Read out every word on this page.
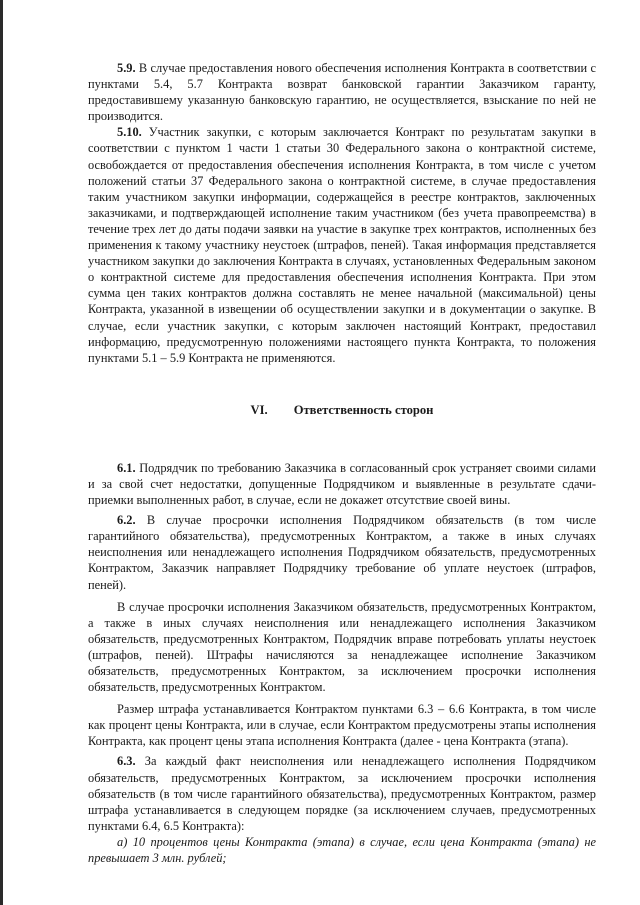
5.9. В случае предоставления нового обеспечения исполнения Контракта в соответствии с пунктами 5.4, 5.7 Контракта возврат банковской гарантии Заказчиком гаранту, предоставившему указанную банковскую гарантию, не осуществляется, взыскание по ней не производится.

5.10. Участник закупки, с которым заключается Контракт по результатам закупки в соответствии с пунктом 1 части 1 статьи 30 Федерального закона о контрактной системе, освобождается от предоставления обеспечения исполнения Контракта, в том числе с учетом положений статьи 37 Федерального закона о контрактной системе, в случае предоставления таким участником закупки информации, содержащейся в реестре контрактов, заключенных заказчиками, и подтверждающей исполнение таким участником (без учета правопреемства) в течение трех лет до даты подачи заявки на участие в закупке трех контрактов, исполненных без применения к такому участнику неустоек (штрафов, пеней). Такая информация представляется участником закупки до заключения Контракта в случаях, установленных Федеральным законом о контрактной системе для предоставления обеспечения исполнения Контракта. При этом сумма цен таких контрактов должна составлять не менее начальной (максимальной) цены Контракта, указанной в извещении об осуществлении закупки и в документации о закупке. В случае, если участник закупки, с которым заключен настоящий Контракт, предоставил информацию, предусмотренную положениями настоящего пункта Контракта, то положения пунктами 5.1 – 5.9 Контракта не применяются.

VI. Ответственность сторон

6.1. Подрядчик по требованию Заказчика в согласованный срок устраняет своими силами и за свой счет недостатки, допущенные Подрядчиком и выявленные в результате сдачи-приемки выполненных работ, в случае, если не докажет отсутствие своей вины.

6.2. В случае просрочки исполнения Подрядчиком обязательств (в том числе гарантийного обязательства), предусмотренных Контрактом, а также в иных случаях неисполнения или ненадлежащего исполнения Подрядчиком обязательств, предусмотренных Контрактом, Заказчик направляет Подрядчику требование об уплате неустоек (штрафов, пеней).

В случае просрочки исполнения Заказчиком обязательств, предусмотренных Контрактом, а также в иных случаях неисполнения или ненадлежащего исполнения Заказчиком обязательств, предусмотренных Контрактом, Подрядчик вправе потребовать уплаты неустоек (штрафов, пеней). Штрафы начисляются за ненадлежащее исполнение Заказчиком обязательств, предусмотренных Контрактом, за исключением просрочки исполнения обязательств, предусмотренных Контрактом.

Размер штрафа устанавливается Контрактом пунктами 6.3 – 6.6 Контракта, в том числе как процент цены Контракта, или в случае, если Контрактом предусмотрены этапы исполнения Контракта, как процент цены этапа исполнения Контракта (далее - цена Контракта (этапа).

6.3. За каждый факт неисполнения или ненадлежащего исполнения Подрядчиком обязательств, предусмотренных Контрактом, за исключением просрочки исполнения обязательств (в том числе гарантийного обязательства), предусмотренных Контрактом, размер штрафа устанавливается в следующем порядке (за исключением случаев, предусмотренных пунктами 6.4, 6.5 Контракта):

а) 10 процентов цены Контракта (этапа) в случае, если цена Контракта (этапа) не превышает 3 млн. рублей;
